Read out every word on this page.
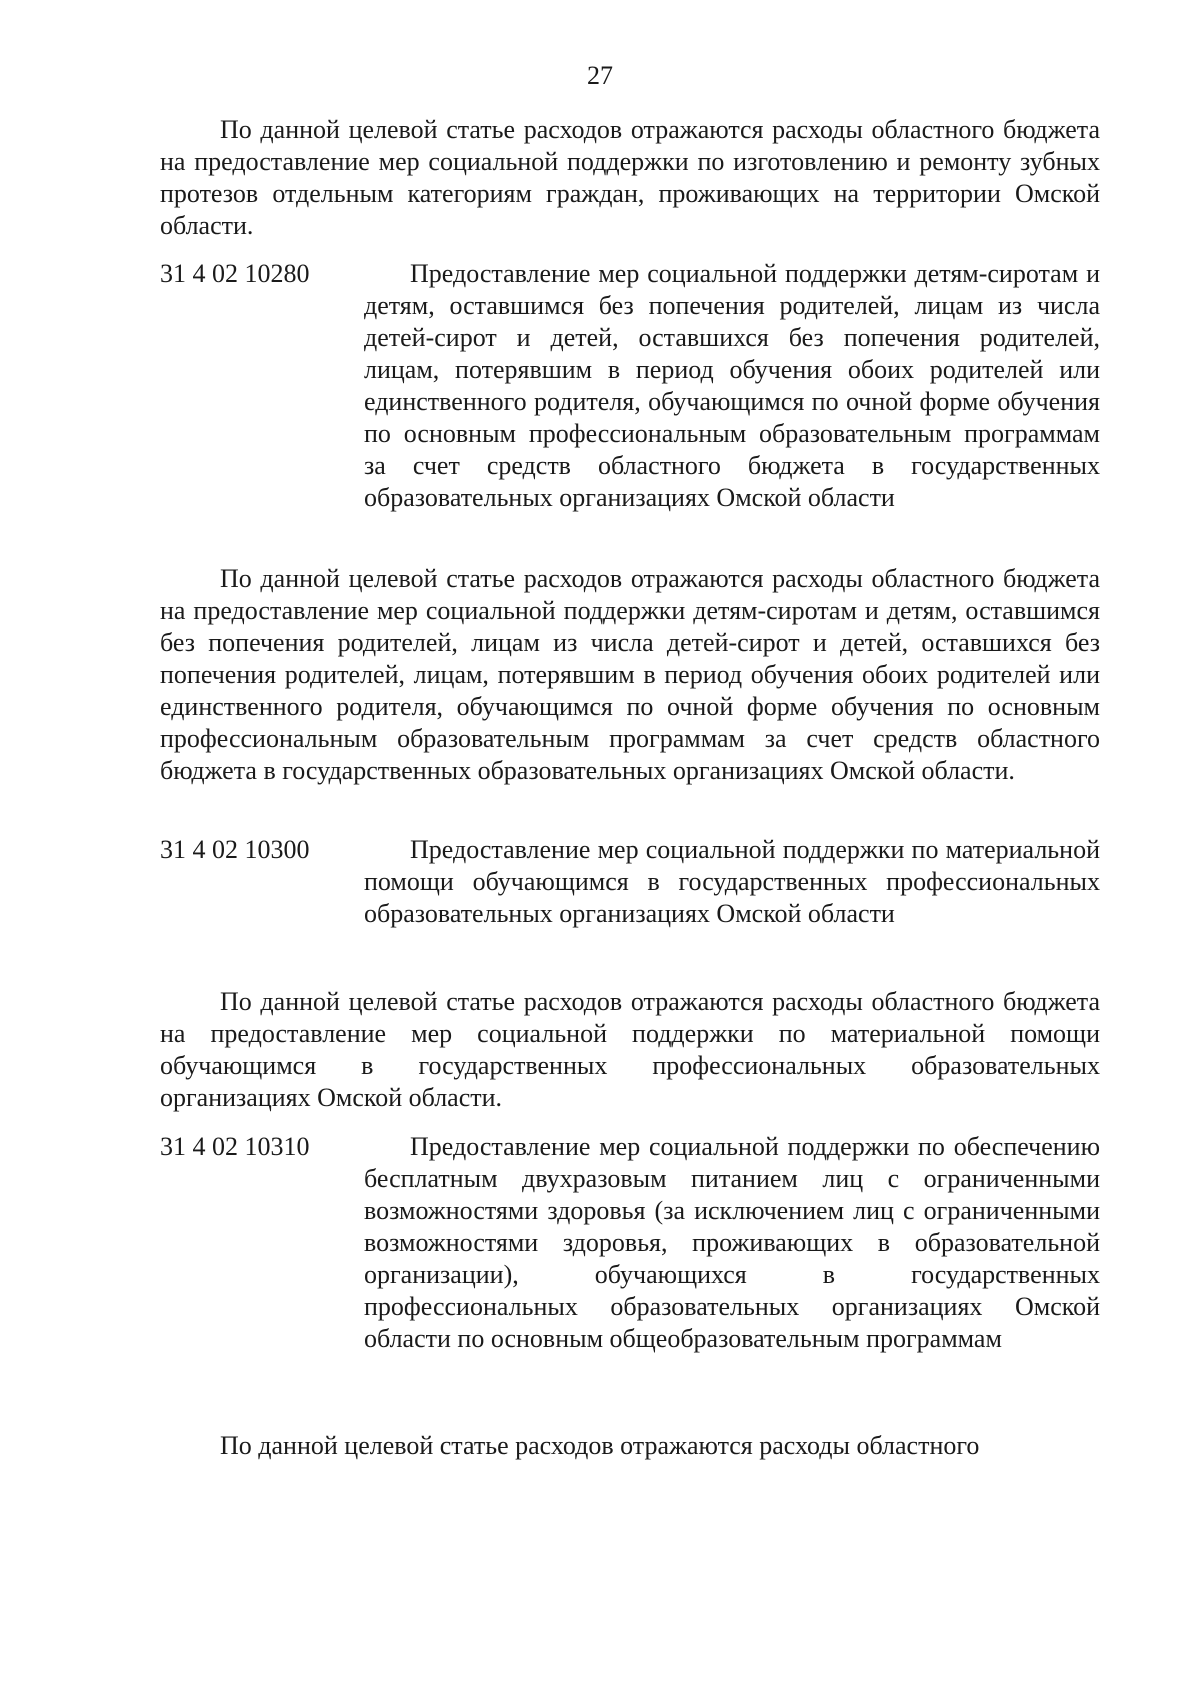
27

По данной целевой статье расходов отражаются расходы областного бюджета на предоставление мер социальной поддержки по изготовлению и ремонту зубных протезов отдельным категориям граждан, проживающих на территории Омской области.

31 4 02 10280	Предоставление мер социальной поддержки детям-сиротам и детям, оставшимся без попечения родителей, лицам из числа детей-сирот и детей, оставшихся без попечения родителей, лицам, потерявшим в период обучения обоих родителей или единственного родителя, обучающимся по очной форме обучения по основным профессиональным образовательным программам за счет средств областного бюджета в государственных образовательных организациях Омской области

По данной целевой статье расходов отражаются расходы областного бюджета на предоставление мер социальной поддержки детям-сиротам и детям, оставшимся без попечения родителей, лицам из числа детей-сирот и детей, оставшихся без попечения родителей, лицам, потерявшим в период обучения обоих родителей или единственного родителя, обучающимся по очной форме обучения по основным профессиональным образовательным программам за счет средств областного бюджета в государственных образовательных организациях Омской области.

31 4 02 10300	Предоставление мер социальной поддержки по материальной помощи обучающимся в государственных профессиональных образовательных организациях Омской области

По данной целевой статье расходов отражаются расходы областного бюджета на предоставление мер социальной поддержки по материальной помощи обучающимся в государственных профессиональных образовательных организациях Омской области.

31 4 02 10310	Предоставление мер социальной поддержки по обеспечению бесплатным двухразовым питанием лиц с ограниченными возможностями здоровья (за исключением лиц с ограниченными возможностями здоровья, проживающих в образовательной организации), обучающихся в государственных профессиональных образовательных организациях Омской области по основным общеобразовательным программам

По данной целевой статье расходов отражаются расходы областного
